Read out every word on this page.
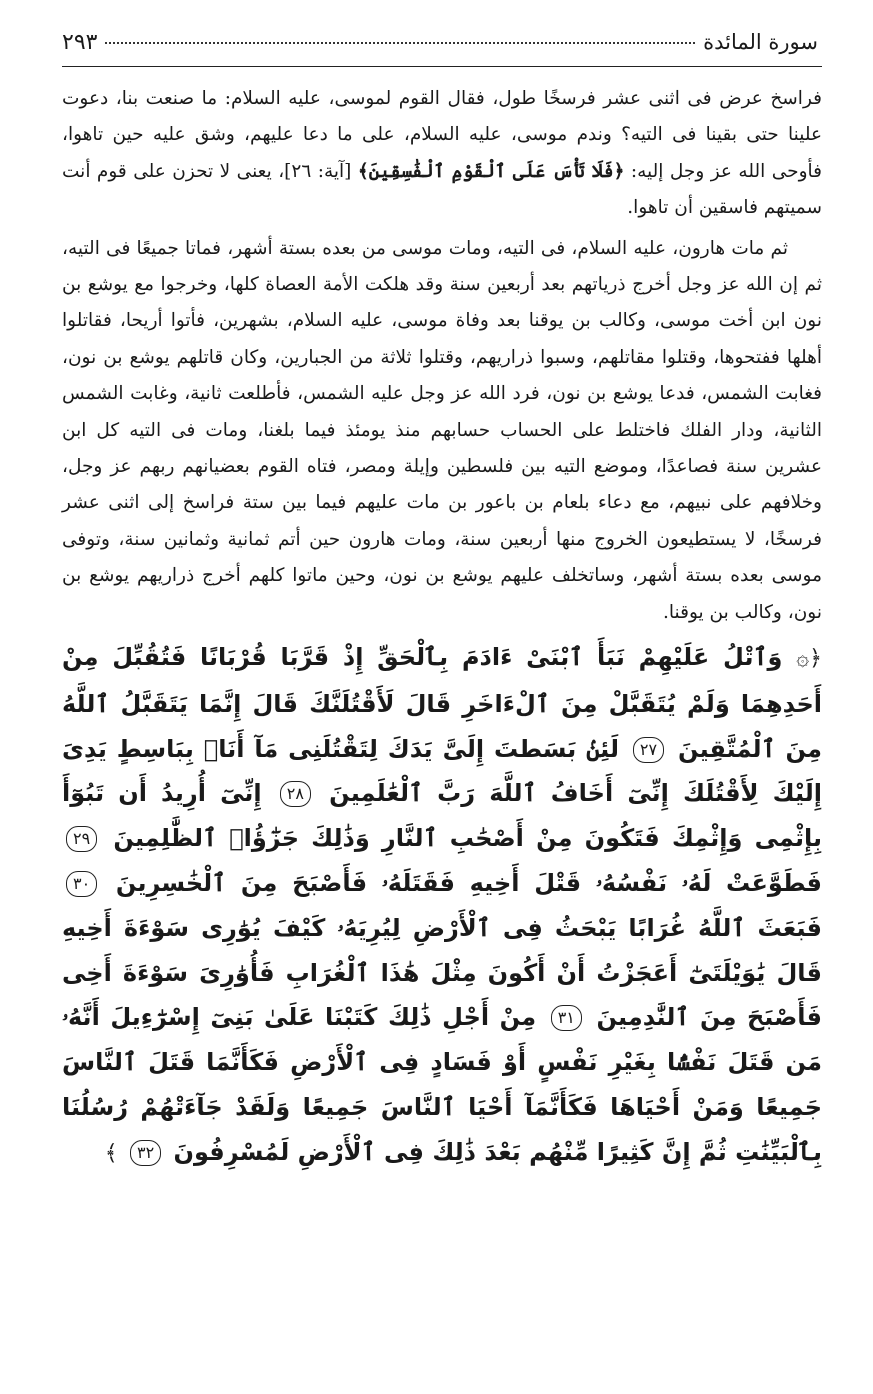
سورة المائدة
٢٩٣

فراسخ عرض فى اثنى عشر فرسخًا طول، فقال القوم لموسى، عليه السلام: ما صنعت بنا، دعوت علينا حتى بقينا فى التيه؟ وندم موسى، عليه السلام، على ما دعا عليهم، وشق عليه حين تاهوا، فأوحى الله عز وجل إليه: ﴿فَلَا تَأْسَ عَلَى ٱلْقَوْمِ ٱلْفَٰسِقِينَ﴾ [آية: ٢٦]، يعنى لا تحزن على قوم أنت سميتهم فاسقين أن تاهوا.

ثم مات هارون، عليه السلام، فى التيه، ومات موسى من بعده بستة أشهر، فماتا جميعًا فى التيه، ثم إن الله عز وجل أخرج ذرياتهم بعد أربعين سنة وقد هلكت الأمة العصاة كلها، وخرجوا مع يوشع بن نون ابن أخت موسى، وكالب بن يوقنا بعد وفاة موسى، عليه السلام، بشهرين، فأتوا أريحا، فقاتلوا أهلها ففتحوها، وقتلوا مقاتلهم، وسبوا ذراريهم، وقتلوا ثلاثة من الجبارين، وكان قاتلهم يوشع بن نون، فغابت الشمس، فدعا يوشع بن نون، فرد الله عز وجل عليه الشمس، فأطلعت ثانية، وغابت الشمس الثانية، ودار الفلك فاختلط على الحساب حسابهم منذ يومئذ فيما بلغنا، ومات فى التيه كل ابن عشرين سنة فصاعدًا، وموضع التيه بين فلسطين وإيلة ومصر، فتاه القوم بعضيانهم ربهم عز وجل، وخلافهم على نبيهم، مع دعاء بلعام بن باعور بن مات عليهم فيما بين ستة فراسخ إلى اثنى عشر فرسخًا، لا يستطيعون الخروج منها أربعين سنة، ومات هارون حين أتم ثمانية وثمانين سنة، وتوفى موسى بعده بستة أشهر، وساتخلف عليهم يوشع بن نون، وحين ماتوا كلهم أخرج ذراريهم يوشع بن نون، وكالب بن يوقنا.

﴿۞ وَٱتْلُ عَلَيْهِمْ نَبَأَ ٱبْنَىْ ءَادَمَ بِٱلْحَقِّ إِذْ قَرَّبَا قُرْبَانًا فَتُقُبِّلَ مِنْ أَحَدِهِمَا وَلَمْ يُتَقَبَّلْ مِنَ ٱلْءَاخَرِ قَالَ لَأَقْتُلَنَّكَ قَالَ إِنَّمَا يَتَقَبَّلُ ٱللَّهُ مِنَ ٱلْمُتَّقِينَ ٢٧ لَئِنۢ بَسَطتَ إِلَىَّ يَدَكَ لِتَقْتُلَنِى مَآ أَنَا۠ بِبَاسِطٍ يَدِىَ إِلَيْكَ لِأَقْتُلَكَ إِنِّىٓ أَخَافُ ٱللَّهَ رَبَّ ٱلْعَٰلَمِينَ ٢٨ إِنِّىٓ أُرِيدُ أَن تَبُوٓأَ بِإِثْمِى وَإِثْمِكَ فَتَكُونَ مِنْ أَصْحَٰبِ ٱلنَّارِ وَذَٰلِكَ جَزَٰٓؤُا۟ ٱلظَّٰلِمِينَ ٢٩ فَطَوَّعَتْ لَهُۥ نَفْسُهُۥ قَتْلَ أَخِيهِ فَقَتَلَهُۥ فَأَصْبَحَ مِنَ ٱلْخَٰسِرِينَ ٣٠ فَبَعَثَ ٱللَّهُ غُرَابًا يَبْحَثُ فِى ٱلْأَرْضِ لِيُرِيَهُۥ كَيْفَ يُوَٰرِى سَوْءَةَ أَخِيهِ قَالَ يَٰوَيْلَتَىٰٓ أَعَجَزْتُ أَنْ أَكُونَ مِثْلَ هَٰذَا ٱلْغُرَابِ فَأُوَٰرِىَ سَوْءَةَ أَخِى فَأَصْبَحَ مِنَ ٱلنَّٰدِمِينَ ٣١ مِنْ أَجْلِ ذَٰلِكَ كَتَبْنَا عَلَىٰ بَنِىٓ إِسْرَٰٓءِيلَ أَنَّهُۥ مَن قَتَلَ نَفْسًۢا بِغَيْرِ نَفْسٍ أَوْ فَسَادٍ فِى ٱلْأَرْضِ فَكَأَنَّمَا قَتَلَ ٱلنَّاسَ جَمِيعًا وَمَنْ أَحْيَاهَا فَكَأَنَّمَآ أَحْيَا ٱلنَّاسَ جَمِيعًا وَلَقَدْ جَآءَتْهُمْ رُسُلُنَا بِٱلْبَيِّنَٰتِ ثُمَّ إِنَّ كَثِيرًا مِّنْهُم بَعْدَ ذَٰلِكَ فِى ٱلْأَرْضِ لَمُسْرِفُونَ ٣٢ ﴾
